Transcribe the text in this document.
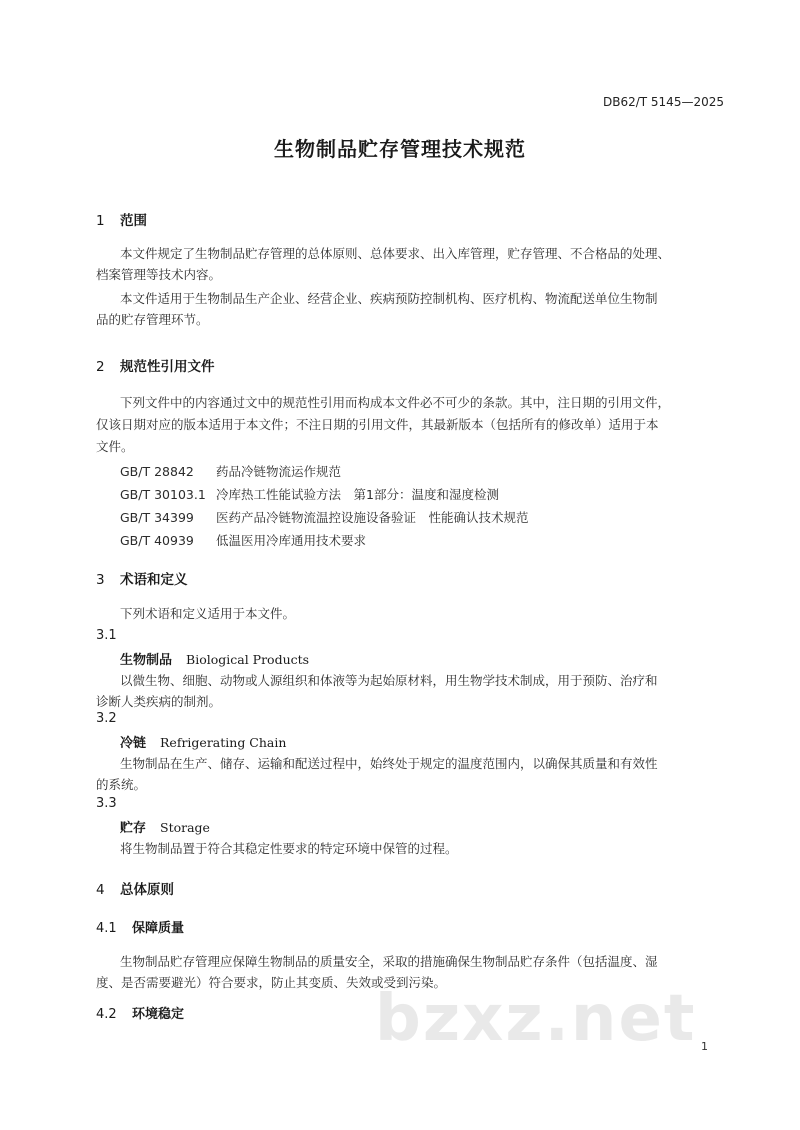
DB62/T 5145—2025
生物制品贮存管理技术规范
1 范围

本文件规定了生物制品贮存管理的总体原则、总体要求、出入库管理，贮存管理、不合格品的处理、

档案管理等技术内容。

本文件适用于生物制品生产企业、经营企业、疾病预防控制机构、医疗机构、物流配送单位生物制

品的贮存管理环节。

2 规范性引用文件

下列文件中的内容通过文中的规范性引用而构成本文件必不可少的条款。其中，注日期的引用文件，

仅该日期对应的版本适用于本文件；不注日期的引用文件，其最新版本（包括所有的修改单）适用于本

文件。

GB/T 28842 药品冷链物流运作规范
GB/T 30103.1 冷库热工性能试验方法　第1部分：温度和湿度检测
GB/T 34399 医药产品冷链物流温控设施设备验证　性能确认技术规范
GB/T 40939 低温医用冷库通用技术要求
3 术语和定义

下列术语和定义适用于本文件。

3.1
生物制品 Biological Products

以微生物、细胞、动物或人源组织和体液等为起始原材料，用生物学技术制成，用于预防、治疗和

诊断人类疾病的制剂。

3.2
冷链 Refrigerating Chain

生物制品在生产、储存、运输和配送过程中，始终处于规定的温度范围内，以确保其质量和有效性

的系统。

3.3
贮存 Storage

将生物制品置于符合其稳定性要求的特定环境中保管的过程。

4 总体原则
4.1 保障质量

生物制品贮存管理应保障生物制品的质量安全，采取的措施确保生物制品贮存条件（包括温度、湿

度、是否需要避光）符合要求，防止其变质、失效或受到污染。

4.2 环境稳定	bzxz.net 1
